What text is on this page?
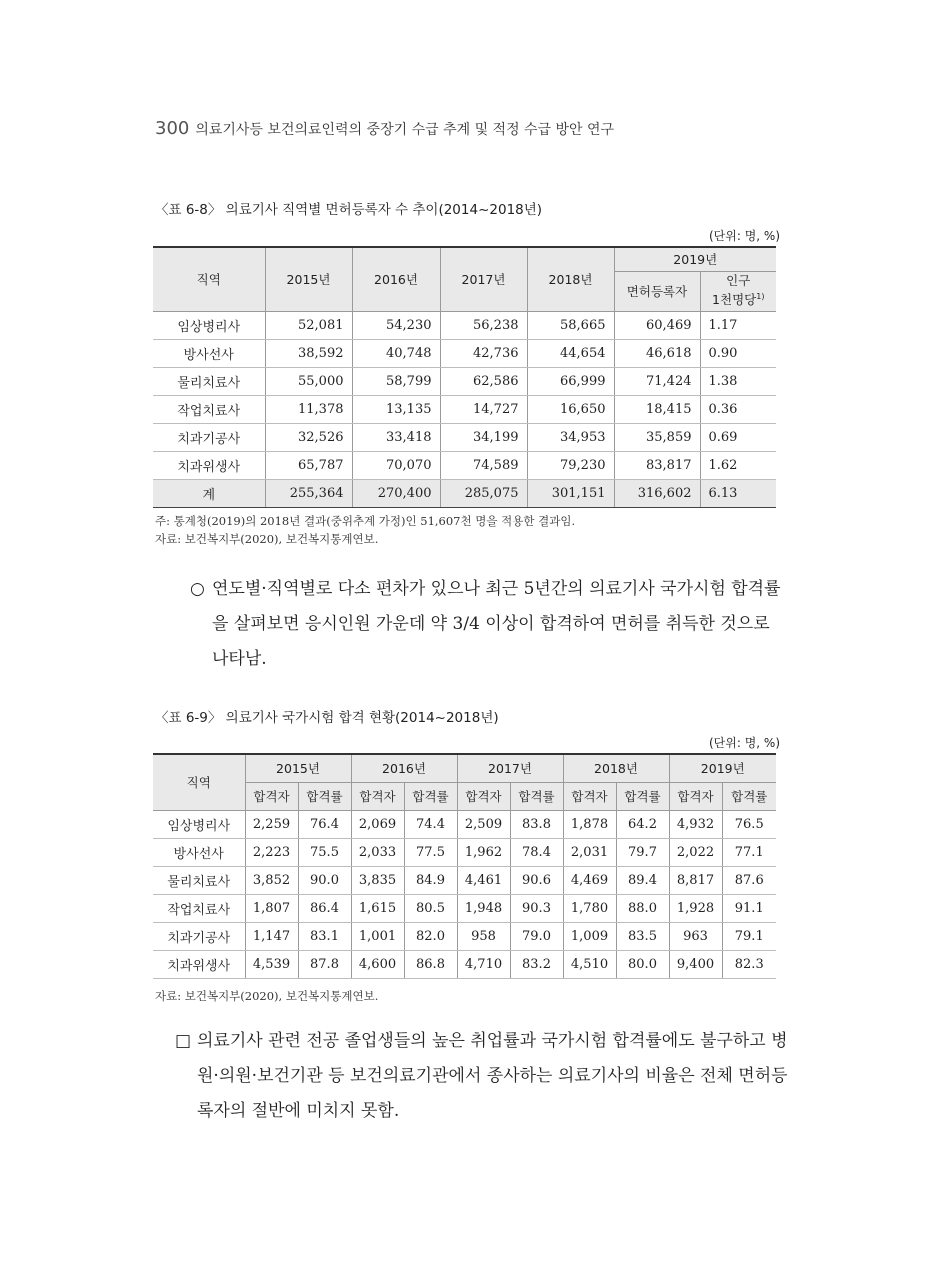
300 의료기사등 보건의료인력의 중장기 수급 추계 및 적정 수급 방안 연구
〈표 6-8〉 의료기사 직역별 면허등록자 수 추이(2014~2018년)
(단위: 명, %)
직역	2015년	2016년	2017년	2018년	2019년	
					면허등록자	인구
1천명당$^{1)}$
임상병리사	52,081	54,230	56,238	58,665	60,469	1.17
방사선사	38,592	40,748	42,736	44,654	46,618	0.90
물리치료사	55,000	58,799	62,586	66,999	71,424	1.38
작업치료사	11,378	13,135	14,727	16,650	18,415	0.36
치과기공사	32,526	33,418	34,199	34,953	35,859	0.69
치과위생사	65,787	70,070	74,589	79,230	83,817	1.62
계	255,364	270,400	285,075	301,151	316,602	6.13
주: 통계청(2019)의 2018년 결과(중위추계 가정)인 51,607천 명을 적용한 결과임.
자료: 보건복지부(2020), 보건복지통계연보.
○ 연도별·직역별로 다소 편차가 있으나 최근 5년간의 의료기사 국가시험 합격률
을 살펴보면 응시인원 가운데 약 3/4 이상이 합격하여 면허를 취득한 것으로
나타남.
〈표 6-9〉 의료기사 국가시험 합격 현황(2014~2018년)
(단위: 명, %)
직역	2015년		2016년		2017년		2018년		2019년	
	합격자	합격률	합격자	합격률	합격자	합격률	합격자	합격률	합격자	합격률
임상병리사	2,259	76.4	2,069	74.4	2,509	83.8	1,878	64.2	4,932	76.5
방사선사	2,223	75.5	2,033	77.5	1,962	78.4	2,031	79.7	2,022	77.1
물리치료사	3,852	90.0	3,835	84.9	4,461	90.6	4,469	89.4	8,817	87.6
작업치료사	1,807	86.4	1,615	80.5	1,948	90.3	1,780	88.0	1,928	91.1
치과기공사	1,147	83.1	1,001	82.0	958	79.0	1,009	83.5	963	79.1
치과위생사	4,539	87.8	4,600	86.8	4,710	83.2	4,510	80.0	9,400	82.3
자료: 보건복지부(2020), 보건복지통계연보.
□ 의료기사 관련 전공 졸업생들의 높은 취업률과 국가시험 합격률에도 불구하고 병
원·의원·보건기관 등 보건의료기관에서 종사하는 의료기사의 비율은 전체 면허등
록자의 절반에 미치지 못함.
